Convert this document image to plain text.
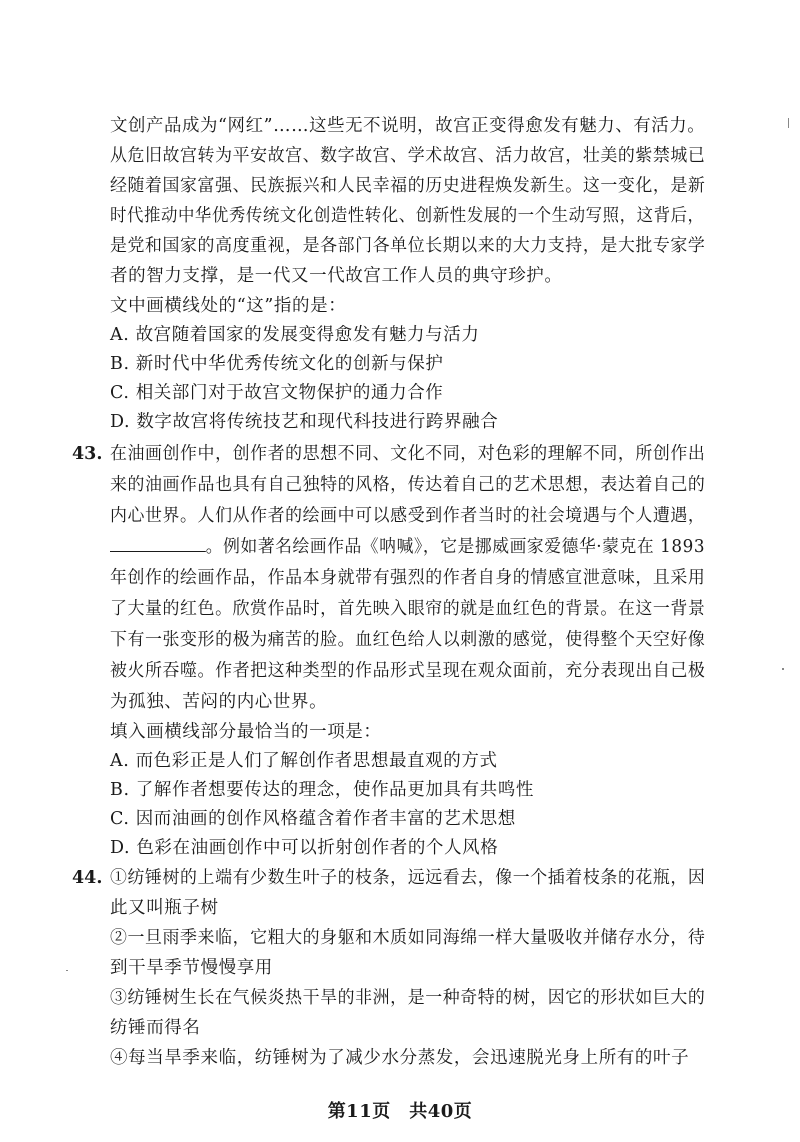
文创产品成为“网红”……这些无不说明，故宫正变得愈发有魅力、有活力。
从危旧故宫转为平安故宫、数字故宫、学术故宫、活力故宫，壮美的紫禁城已
经随着国家富强、民族振兴和人民幸福的历史进程焕发新生。这一变化，是新
时代推动中华优秀传统文化创造性转化、创新性发展的一个生动写照，这背后，
是党和国家的高度重视，是各部门各单位长期以来的大力支持，是大批专家学
者的智力支撑，是一代又一代故宫工作人员的典守珍护。
文中画横线处的“这”指的是：
A. 故宫随着国家的发展变得愈发有魅力与活力
B. 新时代中华优秀传统文化的创新与保护
C. 相关部门对于故宫文物保护的通力合作
D. 数字故宫将传统技艺和现代科技进行跨界融合
43. 在油画创作中，创作者的思想不同、文化不同，对色彩的理解不同，所创作出
来的油画作品也具有自己独特的风格，传达着自己的艺术思想，表达着自己的
内心世界。人们从作者的绘画中可以感受到作者当时的社会境遇与个人遭遇，
。例如著名绘画作品《呐喊》，它是挪威画家爱德华·蒙克在 1893
年创作的绘画作品，作品本身就带有强烈的作者自身的情感宣泄意味，且采用
了大量的红色。欣赏作品时，首先映入眼帘的就是血红色的背景。在这一背景
下有一张变形的极为痛苦的脸。血红色给人以刺激的感觉，使得整个天空好像
被火所吞噬。作者把这种类型的作品形式呈现在观众面前，充分表现出自己极
为孤独、苦闷的内心世界。
填入画横线部分最恰当的一项是：
A. 而色彩正是人们了解创作者思想最直观的方式
B. 了解作者想要传达的理念，使作品更加具有共鸣性
C. 因而油画的创作风格蕴含着作者丰富的艺术思想
D. 色彩在油画创作中可以折射创作者的个人风格
44. ①纺锤树的上端有少数生叶子的枝条，远远看去，像一个插着枝条的花瓶，因
此又叫瓶子树
②一旦雨季来临，它粗大的身躯和木质如同海绵一样大量吸收并储存水分，待
到干旱季节慢慢享用
③纺锤树生长在气候炎热干旱的非洲，是一种奇特的树，因它的形状如巨大的
纺锤而得名
④每当旱季来临，纺锤树为了减少水分蒸发，会迅速脱光身上所有的叶子
第11页　共40页
